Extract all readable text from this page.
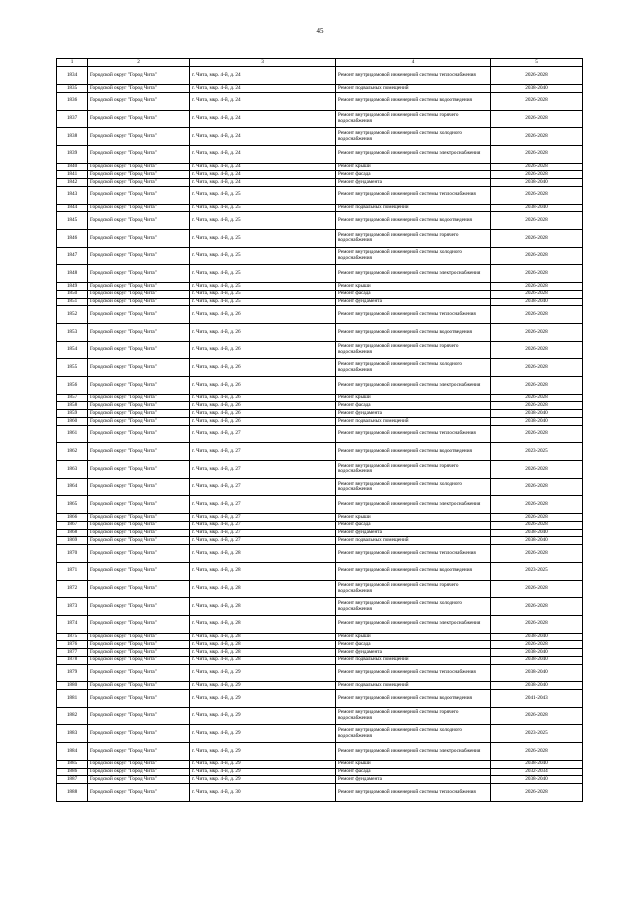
45
1	2	3	4	5
1834	Городской округ "Город Чита"	г. Чита, мкр. 4-й, д. 24	Ремонт внутридомовой инженерной системы теплоснабжения	2026-2028
1835	Городской округ "Город Чита"	г. Чита, мкр. 4-й, д. 24	Ремонт подвальных помещений	2038-2040
1836	Городской округ "Город Чита"	г. Чита, мкр. 4-й, д. 24	Ремонт внутридомовой инженерной системы водоотведения	2026-2028
1837	Городской округ "Город Чита"	г. Чита, мкр. 4-й, д. 24	Ремонт внутридомовой инженерной системы горячего водоснабжения	2026-2028
1838	Городской округ "Город Чита"	г. Чита, мкр. 4-й, д. 24	Ремонт внутридомовой инженерной системы холодного водоснабжения	2026-2028
1839	Городской округ "Город Чита"	г. Чита, мкр. 4-й, д. 24	Ремонт внутридомовой инженерной системы электроснабжения	2026-2028
1840	Городской округ "Город Чита"	г. Чита, мкр. 4-й, д. 24	Ремонт крыши	2026-2028
1841	Городской округ "Город Чита"	г. Чита, мкр. 4-й, д. 24	Ремонт фасада	2026-2028
1842	Городской округ "Город Чита"	г. Чита, мкр. 4-й, д. 24	Ремонт фундамента	2038-2040
1843	Городской округ "Город Чита"	г. Чита, мкр. 4-й, д. 25	Ремонт внутридомовой инженерной системы теплоснабжения	2026-2028
1844	Городской округ "Город Чита"	г. Чита, мкр. 4-й, д. 25	Ремонт подвальных помещений	2038-2040
1845	Городской округ "Город Чита"	г. Чита, мкр. 4-й, д. 25	Ремонт внутридомовой инженерной системы водоотведения	2026-2028
1846	Городской округ "Город Чита"	г. Чита, мкр. 4-й, д. 25	Ремонт внутридомовой инженерной системы горячего водоснабжения	2026-2028
1847	Городской округ "Город Чита"	г. Чита, мкр. 4-й, д. 25	Ремонт внутридомовой инженерной системы холодного водоснабжения	2026-2028
1848	Городской округ "Город Чита"	г. Чита, мкр. 4-й, д. 25	Ремонт внутридомовой инженерной системы электроснабжения	2026-2028
1849	Городской округ "Город Чита"	г. Чита, мкр. 4-й, д. 25	Ремонт крыши	2026-2028
1850	Городской округ "Город Чита"	г. Чита, мкр. 4-й, д. 25	Ремонт фасада	2026-2028
1851	Городской округ "Город Чита"	г. Чита, мкр. 4-й, д. 25	Ремонт фундамента	2038-2040
1852	Городской округ "Город Чита"	г. Чита, мкр. 4-й, д. 26	Ремонт внутридомовой инженерной системы теплоснабжения	2026-2028
1853	Городской округ "Город Чита"	г. Чита, мкр. 4-й, д. 26	Ремонт внутридомовой инженерной системы водоотведения	2026-2028
1854	Городской округ "Город Чита"	г. Чита, мкр. 4-й, д. 26	Ремонт внутридомовой инженерной системы горячего водоснабжения	2026-2028
1855	Городской округ "Город Чита"	г. Чита, мкр. 4-й, д. 26	Ремонт внутридомовой инженерной системы холодного водоснабжения	2026-2028
1856	Городской округ "Город Чита"	г. Чита, мкр. 4-й, д. 26	Ремонт внутридомовой инженерной системы электроснабжения	2026-2028
1857	Городской округ "Город Чита"	г. Чита, мкр. 4-й, д. 26	Ремонт крыши	2026-2028
1858	Городской округ "Город Чита"	г. Чита, мкр. 4-й, д. 26	Ремонт фасада	2026-2028
1859	Городской округ "Город Чита"	г. Чита, мкр. 4-й, д. 26	Ремонт фундамента	2038-2040
1860	Городской округ "Город Чита"	г. Чита, мкр. 4-й, д. 26	Ремонт подвальных помещений	2038-2040
1861	Городской округ "Город Чита"	г. Чита, мкр. 4-й, д. 27	Ремонт внутридомовой инженерной системы теплоснабжения	2026-2028
1862	Городской округ "Город Чита"	г. Чита, мкр. 4-й, д. 27	Ремонт внутридомовой инженерной системы водоотведения	2023-2025
1863	Городской округ "Город Чита"	г. Чита, мкр. 4-й, д. 27	Ремонт внутридомовой инженерной системы горячего водоснабжения	2026-2028
1864	Городской округ "Город Чита"	г. Чита, мкр. 4-й, д. 27	Ремонт внутридомовой инженерной системы холодного водоснабжения	2026-2028
1865	Городской округ "Город Чита"	г. Чита, мкр. 4-й, д. 27	Ремонт внутридомовой инженерной системы электроснабжения	2026-2028
1866	Городской округ "Город Чита"	г. Чита, мкр. 4-й, д. 27	Ремонт крыши	2026-2028
1867	Городской округ "Город Чита"	г. Чита, мкр. 4-й, д. 27	Ремонт фасада	2026-2028
1868	Городской округ "Город Чита"	г. Чита, мкр. 4-й, д. 27	Ремонт фундамента	2038-2040
1869	Городской округ "Город Чита"	г. Чита, мкр. 4-й, д. 27	Ремонт подвальных помещений	2038-2040
1870	Городской округ "Город Чита"	г. Чита, мкр. 4-й, д. 28	Ремонт внутридомовой инженерной системы теплоснабжения	2026-2028
1871	Городской округ "Город Чита"	г. Чита, мкр. 4-й, д. 28	Ремонт внутридомовой инженерной системы водоотведения	2023-2025
1872	Городской округ "Город Чита"	г. Чита, мкр. 4-й, д. 28	Ремонт внутридомовой инженерной системы горячего водоснабжения	2026-2028
1873	Городской округ "Город Чита"	г. Чита, мкр. 4-й, д. 28	Ремонт внутридомовой инженерной системы холодного водоснабжения	2026-2028
1874	Городской округ "Город Чита"	г. Чита, мкр. 4-й, д. 28	Ремонт внутридомовой инженерной системы электроснабжения	2026-2028
1875	Городской округ "Город Чита"	г. Чита, мкр. 4-й, д. 28	Ремонт крыши	2038-2040
1876	Городской округ "Город Чита"	г. Чита, мкр. 4-й, д. 28	Ремонт фасада	2026-2028
1877	Городской округ "Город Чита"	г. Чита, мкр. 4-й, д. 28	Ремонт фундамента	2038-2040
1878	Городской округ "Город Чита"	г. Чита, мкр. 4-й, д. 28	Ремонт подвальных помещений	2038-2040
1879	Городской округ "Город Чита"	г. Чита, мкр. 4-й, д. 29	Ремонт внутридомовой инженерной системы теплоснабжения	2038-2040
1880	Городской округ "Город Чита"	г. Чита, мкр. 4-й, д. 29	Ремонт подвальных помещений	2038-2040
1881	Городской округ "Город Чита"	г. Чита, мкр. 4-й, д. 29	Ремонт внутридомовой инженерной системы водоотведения	2041-2043
1882	Городской округ "Город Чита"	г. Чита, мкр. 4-й, д. 29	Ремонт внутридомовой инженерной системы горячего водоснабжения	2026-2028
1883	Городской округ "Город Чита"	г. Чита, мкр. 4-й, д. 29	Ремонт внутридомовой инженерной системы холодного водоснабжения	2023-2025
1884	Городской округ "Город Чита"	г. Чита, мкр. 4-й, д. 29	Ремонт внутридомовой инженерной системы электроснабжения	2026-2028
1885	Городской округ "Город Чита"	г. Чита, мкр. 4-й, д. 29	Ремонт крыши	2038-2040
1886	Городской округ "Город Чита"	г. Чита, мкр. 4-й, д. 29	Ремонт фасада	2032-2034
1887	Городской округ "Город Чита"	г. Чита, мкр. 4-й, д. 29	Ремонт фундамента	2038-2040
1888	Городской округ "Город Чита"	г. Чита, мкр. 4-й, д. 30	Ремонт внутридомовой инженерной системы теплоснабжения	2026-2028
